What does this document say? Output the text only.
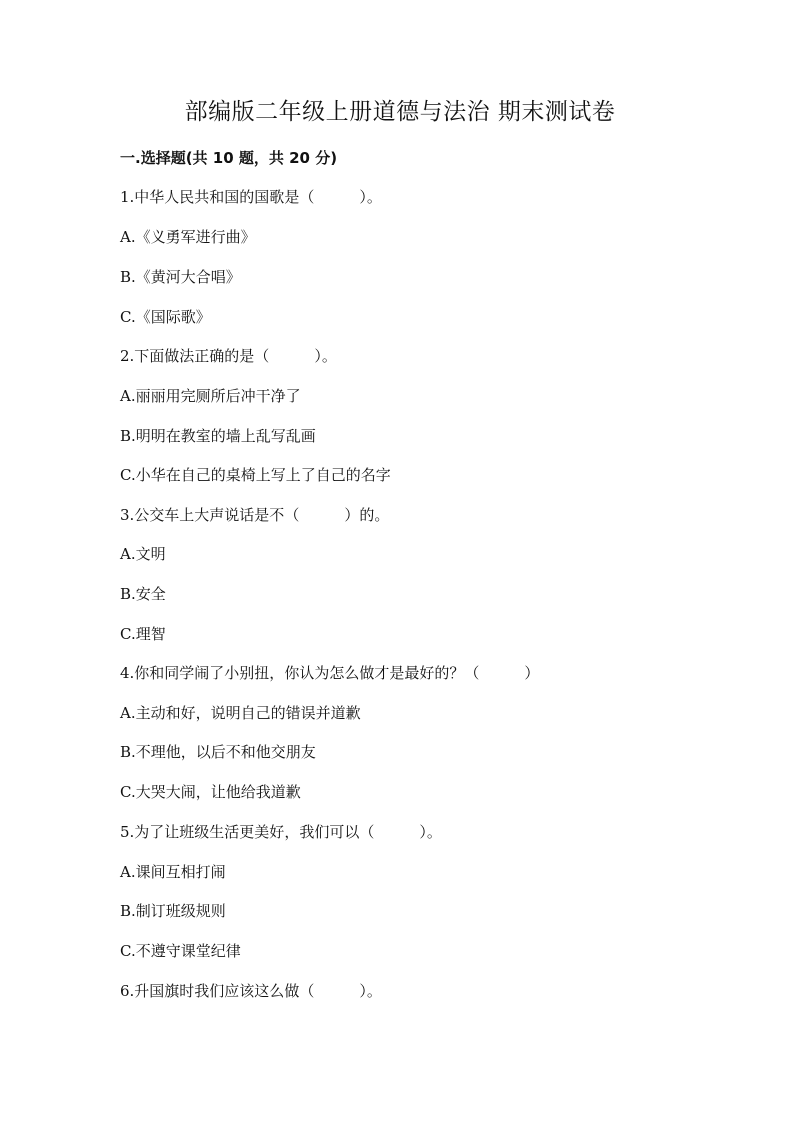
部编版二年级上册道德与法治 期末测试卷
一.选择题(共 10 题，共 20 分)
1.中华人民共和国的国歌是（　　　）。
A.《义勇军进行曲》
B.《黄河大合唱》
C.《国际歌》
2.下面做法正确的是（　　　）。
A.丽丽用完厕所后冲干净了
B.明明在教室的墙上乱写乱画
C.小华在自己的桌椅上写上了自己的名字
3.公交车上大声说话是不（　　　）的。
A.文明
B.安全
C.理智
4.你和同学闹了小别扭，你认为怎么做才是最好的？（　　　）
A.主动和好，说明自己的错误并道歉
B.不理他，以后不和他交朋友
C.大哭大闹，让他给我道歉
5.为了让班级生活更美好，我们可以（　　　）。
A.课间互相打闹
B.制订班级规则
C.不遵守课堂纪律
6.升国旗时我们应该这么做（　　　）。
